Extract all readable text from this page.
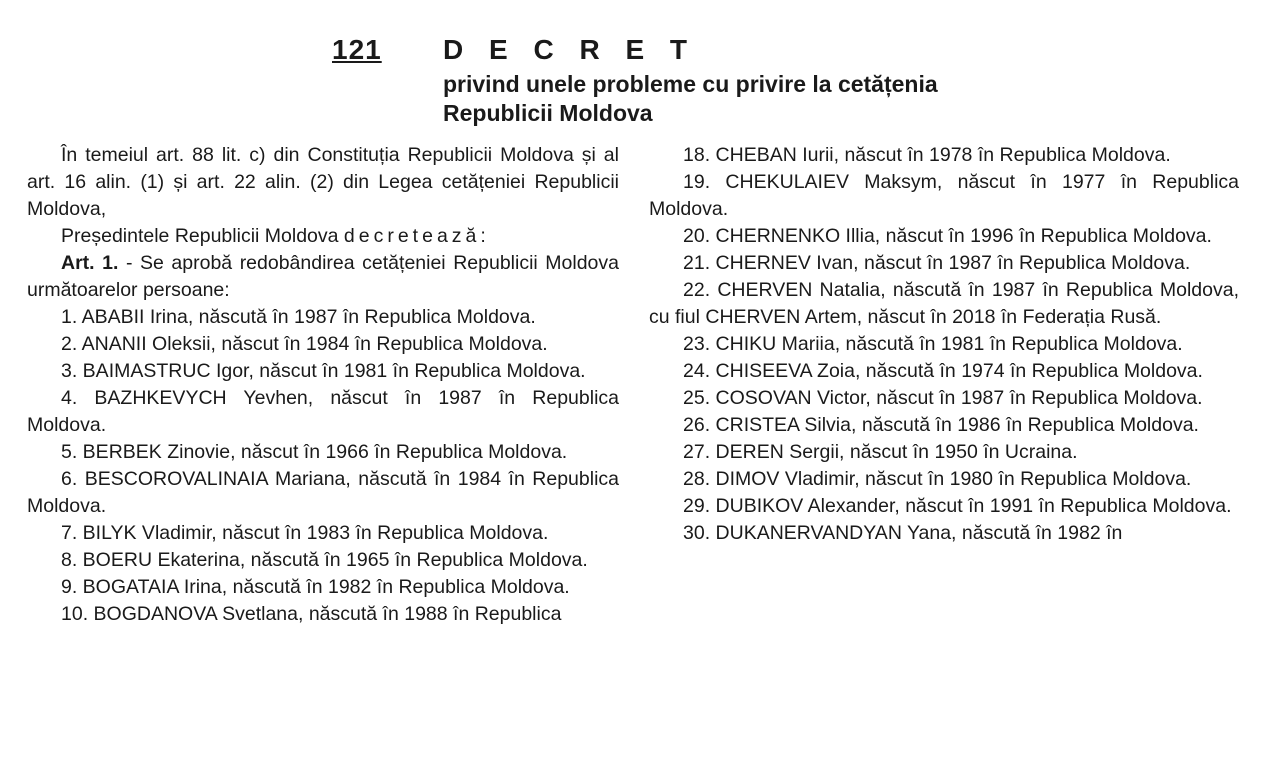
121 D E C R E T
privind unele probleme cu privire la cetățenia
Republicii Moldova

În temeiul art. 88 lit. c) din Constituția Republicii Moldova și al art. 16 alin. (1) și art. 22 alin. (2) din Legea cetățeniei Republicii Moldova,

Președintele Republicii Moldova decretează:

Art. 1. - Se aprobă redobândirea cetățeniei Republicii Moldova următoarelor persoane:

1. ABABII Irina, născută în 1987 în Republica Moldova.

2. ANANII Oleksii, născut în 1984 în Republica Moldova.

3. BAIMASTRUC Igor, născut în 1981 în Republica Moldova.

4. BAZHKEVYCH Yevhen, născut în 1987 în Republica Moldova.

5. BERBEK Zinovie, născut în 1966 în Republica Moldova.

6. BESCOROVALINAIA Mariana, născută în 1984 în Republica Moldova.

7. BILYK Vladimir, născut în 1983 în Republica Moldova.

8. BOERU Ekaterina, născută în 1965 în Republica Moldova.

9. BOGATAIA Irina, născută în 1982 în Republica Moldova.

10. BOGDANOVA Svetlana, născută în 1988 în Republica

18. CHEBAN Iurii, născut în 1978 în Republica Moldova.

19. CHEKULAIEV Maksym, născut în 1977 în Republica Moldova.

20. CHERNENKO Illia, născut în 1996 în Republica Moldova.

21. CHERNEV Ivan, născut în 1987 în Republica Moldova.

22. CHERVEN Natalia, născută în 1987 în Republica Moldova, cu fiul CHERVEN Artem, născut în 2018 în Federația Rusă.

23. CHIKU Mariia, născută în 1981 în Republica Moldova.

24. CHISEEVA Zoia, născută în 1974 în Republica Moldova.

25. COSOVAN Victor, născut în 1987 în Republica Moldova.

26. CRISTEA Silvia, născută în 1986 în Republica Moldova.

27. DEREN Sergii, născut în 1950 în Ucraina.

28. DIMOV Vladimir, născut în 1980 în Republica Moldova.

29. DUBIKOV Alexander, născut în 1991 în Republica Moldova.

30. DUKANERVANDYAN Yana, născută în 1982 în
